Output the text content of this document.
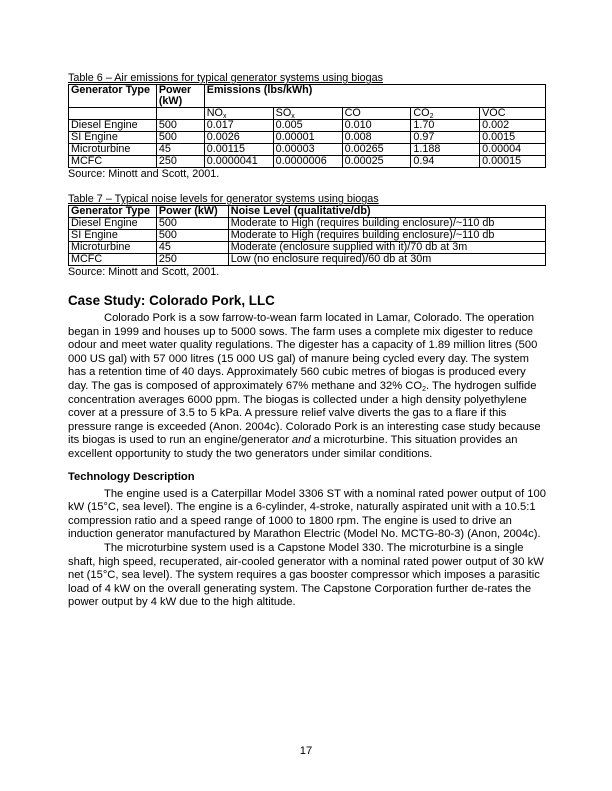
Table 6 – Air emissions for typical generator systems using biogas
Generator Type	Power (kW)	Emissions (lbs/kWh)				
		$NO_x$	$SO_x$	CO	$CO_2$	VOC
Diesel Engine	500	0.017	0.005	0.010	1.70	0.002
SI Engine	500	0.0026	0.00001	0.008	0.97	0.0015
Microturbine	45	0.00115	0.00003	0.00265	1.188	0.00004
MCFC	250	0.0000041	0.0000006	0.00025	0.94	0.00015
Source: Minott and Scott, 2001.
Table 7 – Typical noise levels for generator systems using biogas
Generator Type	Power (kW)	Noise Level (qualitative/db)
Diesel Engine	500	Moderate to High (requires building enclosure)/~110 db
SI Engine	500	Moderate to High (requires building enclosure)/~110 db
Microturbine	45	Moderate (enclosure supplied with it)/70 db at 3m
MCFC	250	Low (no enclosure required)/60 db at 30m
Source: Minott and Scott, 2001.
Case Study: Colorado Pork, LLC

Colorado Pork is a sow farrow-to-wean farm located in Lamar, Colorado. The operation began in 1999 and houses up to 5000 sows. The farm uses a complete mix digester to reduce odour and meet water quality regulations. The digester has a capacity of 1.89 million litres (500 000 US gal) with 57 000 litres (15 000 US gal) of manure being cycled every day. The system has a retention time of 40 days. Approximately 560 cubic metres of biogas is produced every day. The gas is composed of approximately 67% methane and 32% $CO_2$. The hydrogen sulfide concentration averages 6000 ppm. The biogas is collected under a high density polyethylene cover at a pressure of 3.5 to 5 kPa. A pressure relief valve diverts the gas to a flare if this pressure range is exceeded (Anon. 2004c). Colorado Pork is an interesting case study because its biogas is used to run an engine/generator and a microturbine. This situation provides an excellent opportunity to study the two generators under similar conditions.

Technology Description

The engine used is a Caterpillar Model 3306 ST with a nominal rated power output of 100 kW (15°C, sea level). The engine is a 6-cylinder, 4-stroke, naturally aspirated unit with a 10.5:1 compression ratio and a speed range of 1000 to 1800 rpm. The engine is used to drive an induction generator manufactured by Marathon Electric (Model No. MCTG-80-3) (Anon, 2004c).

The microturbine system used is a Capstone Model 330. The microturbine is a single shaft, high speed, recuperated, air-cooled generator with a nominal rated power output of 30 kW net (15°C, sea level). The system requires a gas booster compressor which imposes a parasitic load of 4 kW on the overall generating system. The Capstone Corporation further de-rates the power output by 4 kW due to the high altitude.

17
